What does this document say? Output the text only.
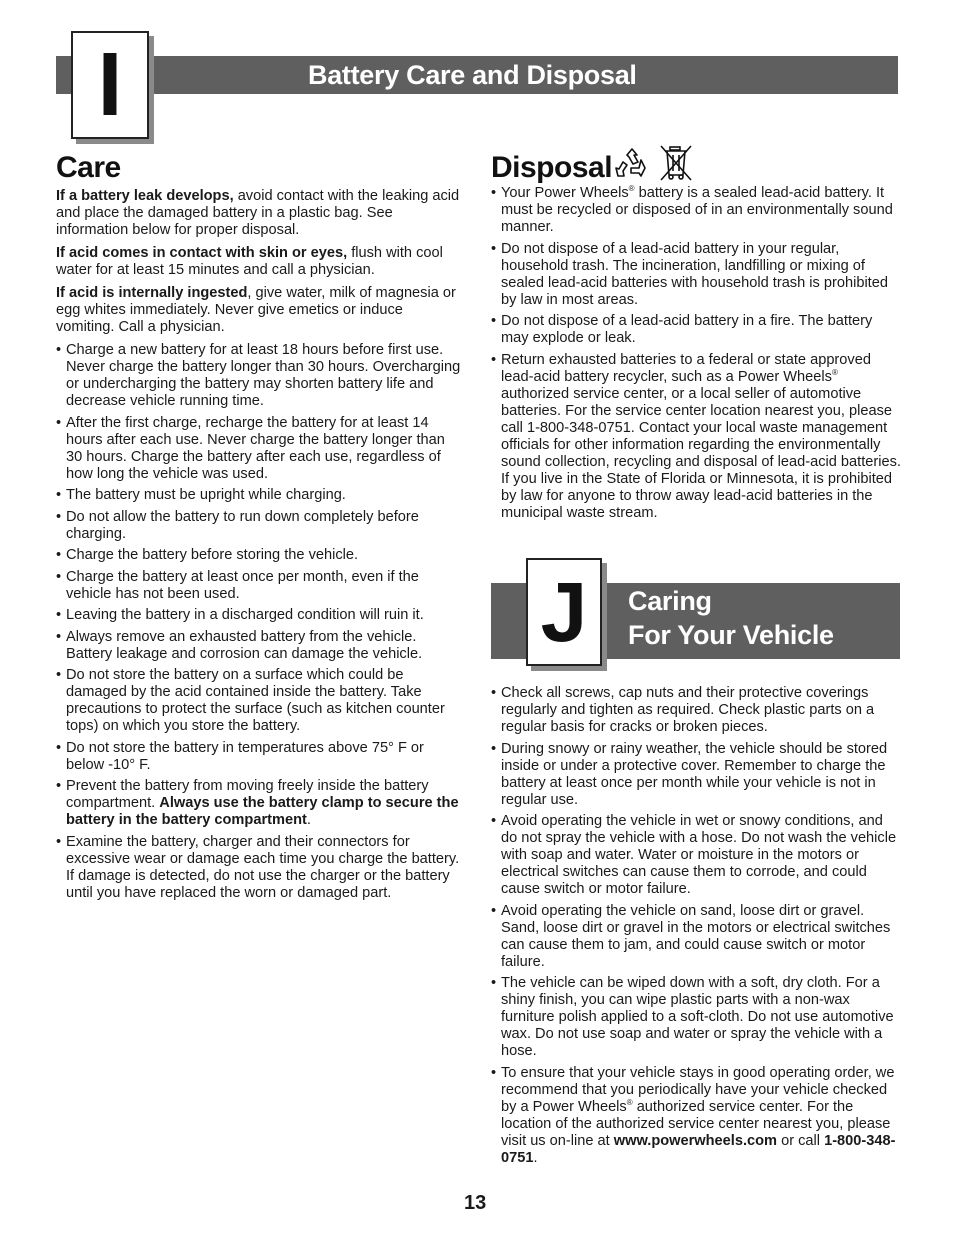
Battery Care and Disposal
I
Care

If a battery leak develops, avoid contact with the leaking acid and place the damaged battery in a plastic bag. See information below for proper disposal.

If acid comes in contact with skin or eyes, flush with cool water for at least 15 minutes and call a physician.

If acid is internally ingested, give water, milk of magnesia or egg whites immediately. Never give emetics or induce vomiting. Call a physician.

• Charge a new battery for at least 18 hours before first use. Never charge the battery longer than 30 hours. Overcharging or undercharging the battery may shorten battery life and decrease vehicle running time.
• After the first charge, recharge the battery for at least 14 hours after each use. Never charge the battery longer than 30 hours. Charge the battery after each use, regardless of how long the vehicle was used.
• The battery must be upright while charging.
• Do not allow the battery to run down completely before charging.
• Charge the battery before storing the vehicle.
• Charge the battery at least once per month, even if the vehicle has not been used.
• Leaving the battery in a discharged condition will ruin it.
• Always remove an exhausted battery from the vehicle. Battery leakage and corrosion can damage the vehicle.
• Do not store the battery on a surface which could be damaged by the acid contained inside the battery. Take precautions to protect the surface (such as kitchen counter tops) on which you store the battery.
• Do not store the battery in temperatures above 75° F or below -10° F.
• Prevent the battery from moving freely inside the battery compartment. Always use the battery clamp to secure the battery in the battery compartment.
• Examine the battery, charger and their connectors for excessive wear or damage each time you charge the battery. If damage is detected, do not use the charger or the battery until you have replaced the worn or damaged part.
Disposal
• Your Power Wheels® battery is a sealed lead-acid battery. It must be recycled or disposed of in an environmentally sound manner.
• Do not dispose of a lead-acid battery in your regular, household trash. The incineration, landfilling or mixing of sealed lead-acid batteries with household trash is prohibited by law in most areas.
• Do not dispose of a lead-acid battery in a fire. The battery may explode or leak.
• Return exhausted batteries to a federal or state approved lead-acid battery recycler, such as a Power Wheels® authorized service center, or a local seller of automotive batteries. For the service center location nearest you, please call 1-800-348-0751. Contact your local waste management officials for other information regarding the environmentally sound collection, recycling and disposal of lead-acid batteries. If you live in the State of Florida or Minnesota, it is prohibited by law for anyone to throw away lead-acid batteries in the municipal waste stream.
Caring
For Your Vehicle
J
• Check all screws, cap nuts and their protective coverings regularly and tighten as required. Check plastic parts on a regular basis for cracks or broken pieces.
• During snowy or rainy weather, the vehicle should be stored inside or under a protective cover. Remember to charge the battery at least once per month while your vehicle is not in regular use.
• Avoid operating the vehicle in wet or snowy conditions, and do not spray the vehicle with a hose. Do not wash the vehicle with soap and water. Water or moisture in the motors or electrical switches can cause them to corrode, and could cause switch or motor failure.
• Avoid operating the vehicle on sand, loose dirt or gravel. Sand, loose dirt or gravel in the motors or electrical switches can cause them to jam, and could cause switch or motor failure.
• The vehicle can be wiped down with a soft, dry cloth. For a shiny finish, you can wipe plastic parts with a non-wax furniture polish applied to a soft-cloth. Do not use automotive wax. Do not use soap and water or spray the vehicle with a hose.
• To ensure that your vehicle stays in good operating order, we recommend that you periodically have your vehicle checked by a Power Wheels® authorized service center. For the location of the authorized service center nearest you, please visit us on-line at www.powerwheels.com or call 1-800-348-0751.
13
